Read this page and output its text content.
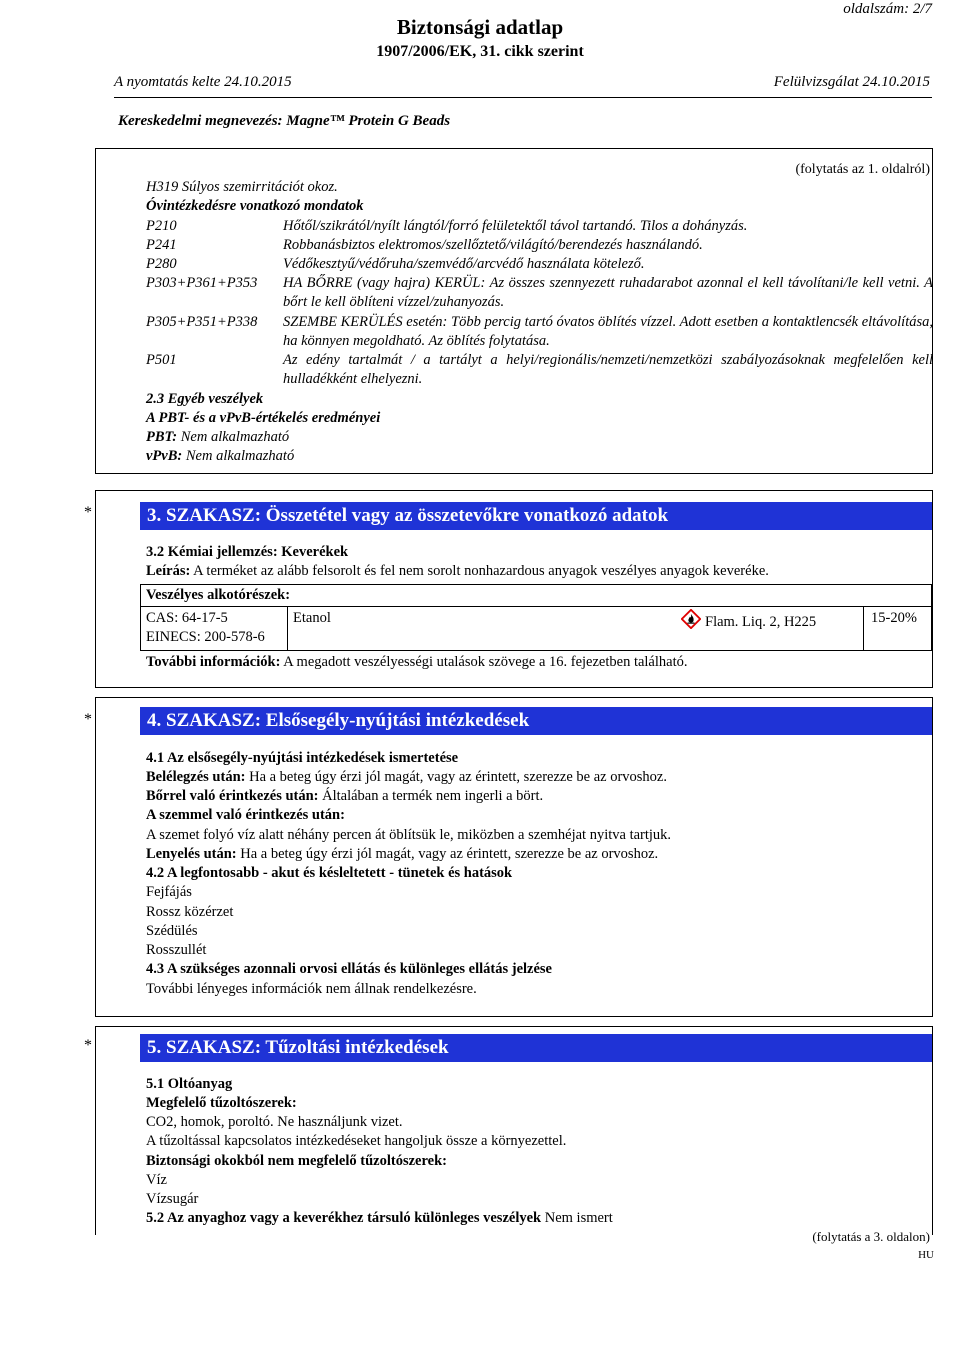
oldalszám: 2/7
Biztonsági adatlap
1907/2006/EK, 31. cikk szerint
A nyomtatás kelte 24.10.2015	Felülvizsgálat 24.10.2015
Kereskedelmi megnevezés: Magne™ Protein G Beads
(folytatás az 1. oldalról)
H319 Súlyos szemirritációt okoz.
Óvintézkedésre vonatkozó mondatok
P210	Hőtől/szikrától/nyílt lángtól/forró felületektől távol tartandó. Tilos a dohányzás.
P241	Robbanásbiztos elektromos/szellőztető/világító/berendezés használandó.
P280	Védőkesztyű/védőruha/szemvédő/arcvédő használata kötelező.
P303+P361+P353	HA BŐRRE (vagy hajra) KERÜL: Az összes szennyezett ruhadarabot azonnal el kell távolítani/le kell vetni. A bőrt le kell öblíteni vízzel/zuhanyozás.
P305+P351+P338	SZEMBE KERÜLÉS esetén: Több percig tartó óvatos öblítés vízzel. Adott esetben a kontaktlencsék eltávolítása, ha könnyen megoldható. Az öblítés folytatása.
P501	Az edény tartalmát / a tartályt a helyi/regionális/nemzeti/nemzetközi szabályozásoknak megfelelően kell hulladékként elhelyezni.
2.3 Egyéb veszélyek
A PBT- és a vPvB-értékelés eredményei
PBT: Nem alkalmazható
vPvB: Nem alkalmazható
*	3. SZAKASZ: Összetétel vagy az összetevőkre vonatkozó adatok
3.2 Kémiai jellemzés: Keverékek
Leírás: A terméket az alább felsorolt és fel nem sorolt nonhazardous anyagok veszélyes anyagok keveréke.
Veszélyes alkotórészek:
CAS: 64-17-5
EINECS: 200-578-6
Etanol	Flam. Liq. 2, H225	15-20%
További információk: A megadott veszélyességi utalások szövege a 16. fejezetben található.
*	4. SZAKASZ: Elsősegély-nyújtási intézkedések
4.1 Az elsősegély-nyújtási intézkedések ismertetése
Belélegzés után: Ha a beteg úgy érzi jól magát, vagy az érintett, szerezze be az orvoshoz.
Bőrrel való érintkezés után: Általában a termék nem ingerli a bört.
A szemmel való érintkezés után:
A szemet folyó víz alatt néhány percen át öblítsük le, miközben a szemhéjat nyitva tartjuk.
Lenyelés után: Ha a beteg úgy érzi jól magát, vagy az érintett, szerezze be az orvoshoz.
4.2 A legfontosabb - akut és késleltetett - tünetek és hatások
Fejfájás
Rossz közérzet
Szédülés
Rosszullét
4.3 A szükséges azonnali orvosi ellátás és különleges ellátás jelzése
További lényeges információk nem állnak rendelkezésre.
*	5. SZAKASZ: Tűzoltási intézkedések
5.1 Oltóanyag
Megfelelő tűzoltószerek:
CO2, homok, poroltó. Ne használjunk vizet.
A tűzoltással kapcsolatos intézkedéseket hangoljuk össze a környezettel.
Biztonsági okokból nem megfelelő tűzoltószerek:
Víz
Vízsugár
5.2 Az anyaghoz vagy a keverékhez társuló különleges veszélyek Nem ismert
(folytatás a 3. oldalon)
HU
